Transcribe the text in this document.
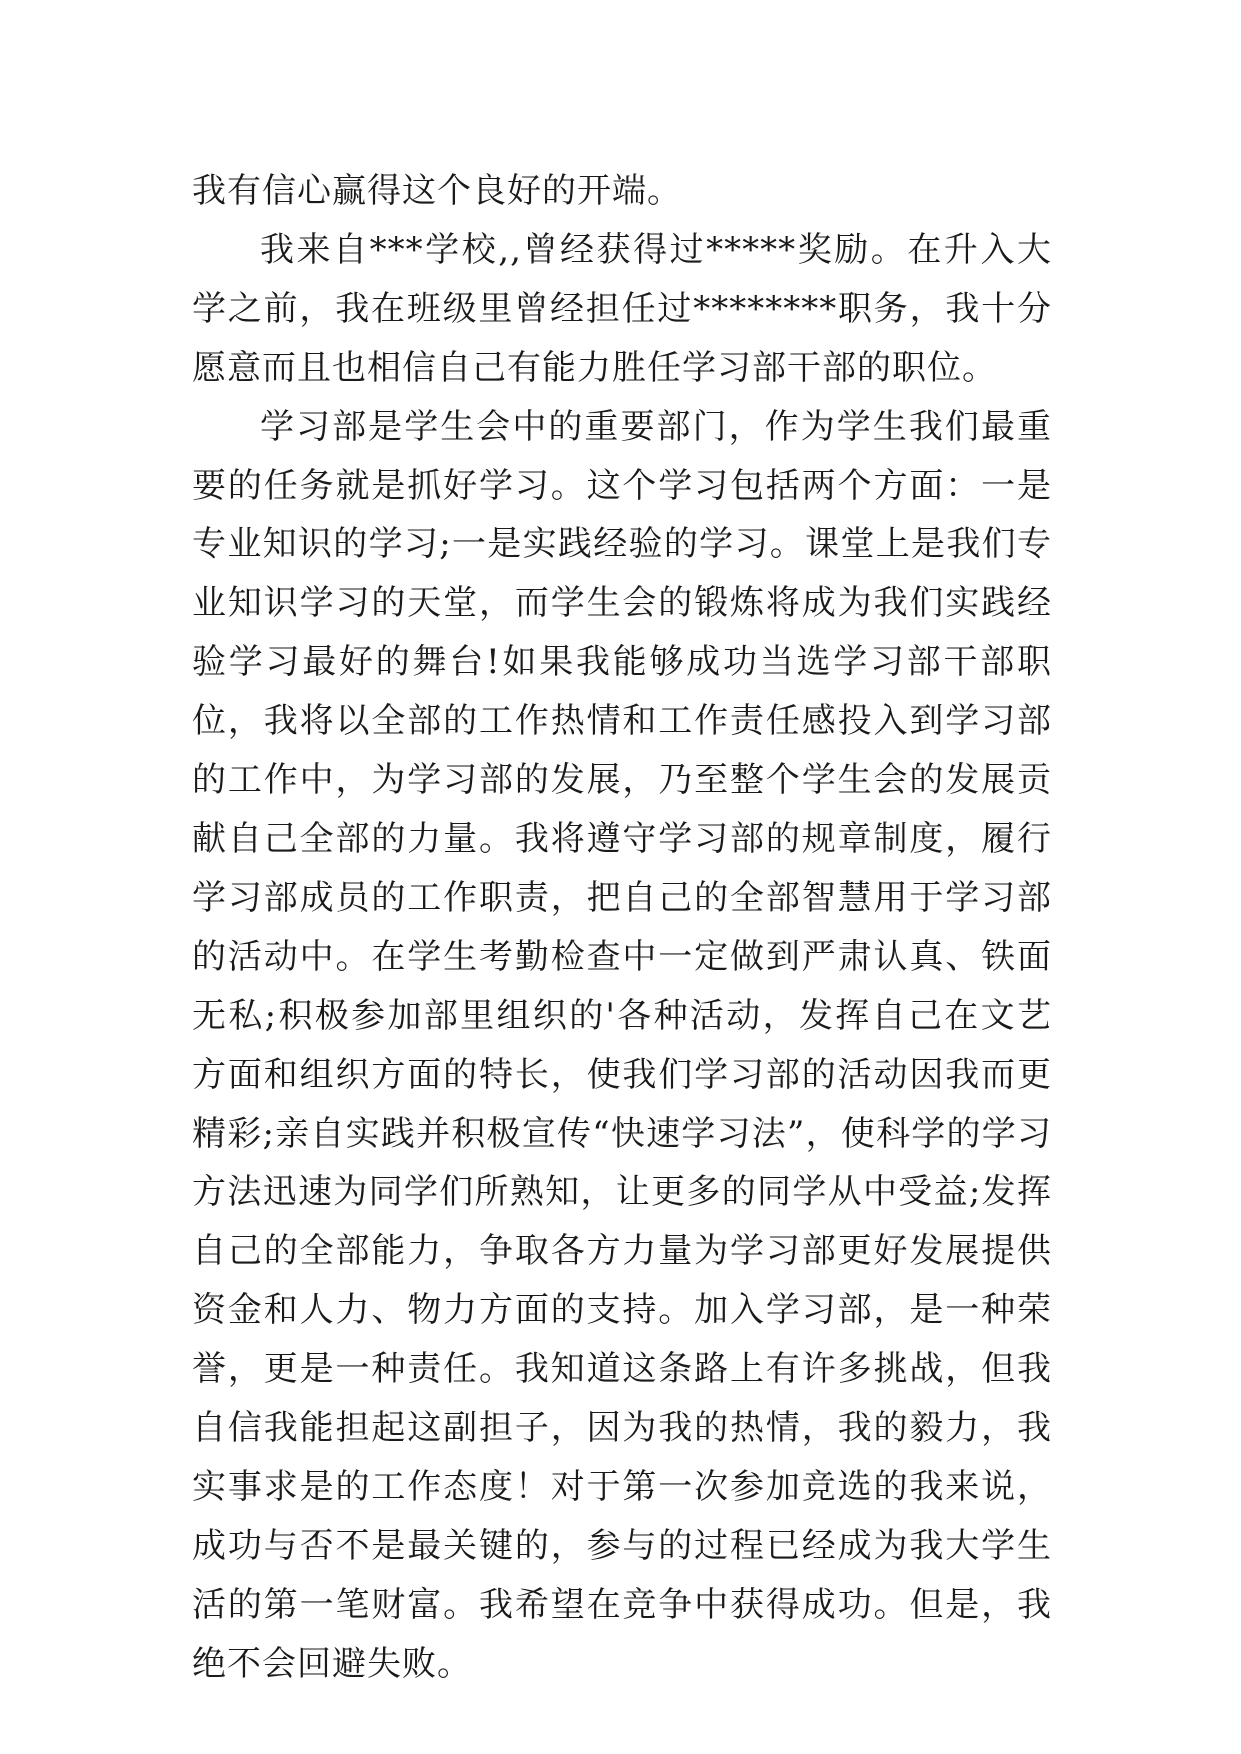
我有信心赢得这个良好的开端。

我来自***学校,,曾经获得过*****奖励。在升入大学之前，我在班级里曾经担任过********职务，我十分愿意而且也相信自己有能力胜任学习部干部的职位。

学习部是学生会中的重要部门，作为学生我们最重要的任务就是抓好学习。这个学习包括两个方面：一是专业知识的学习;一是实践经验的学习。课堂上是我们专业知识学习的天堂，而学生会的锻炼将成为我们实践经验学习最好的舞台!如果我能够成功当选学习部干部职位，我将以全部的工作热情和工作责任感投入到学习部的工作中，为学习部的发展，乃至整个学生会的发展贡献自己全部的力量。我将遵守学习部的规章制度，履行学习部成员的工作职责，把自己的全部智慧用于学习部的活动中。在学生考勤检查中一定做到严肃认真、铁面无私;积极参加部里组织的'各种活动，发挥自己在文艺方面和组织方面的特长，使我们学习部的活动因我而更精彩;亲自实践并积极宣传“快速学习法”，使科学的学习方法迅速为同学们所熟知，让更多的同学从中受益;发挥自己的全部能力，争取各方力量为学习部更好发展提供资金和人力、物力方面的支持。加入学习部，是一种荣誉，更是一种责任。我知道这条路上有许多挑战，但我自信我能担起这副担子，因为我的热情，我的毅力，我实事求是的工作态度！对于第一次参加竞选的我来说，成功与否不是最关键的，参与的过程已经成为我大学生活的第一笔财富。我希望在竞争中获得成功。但是，我绝不会回避失败。
